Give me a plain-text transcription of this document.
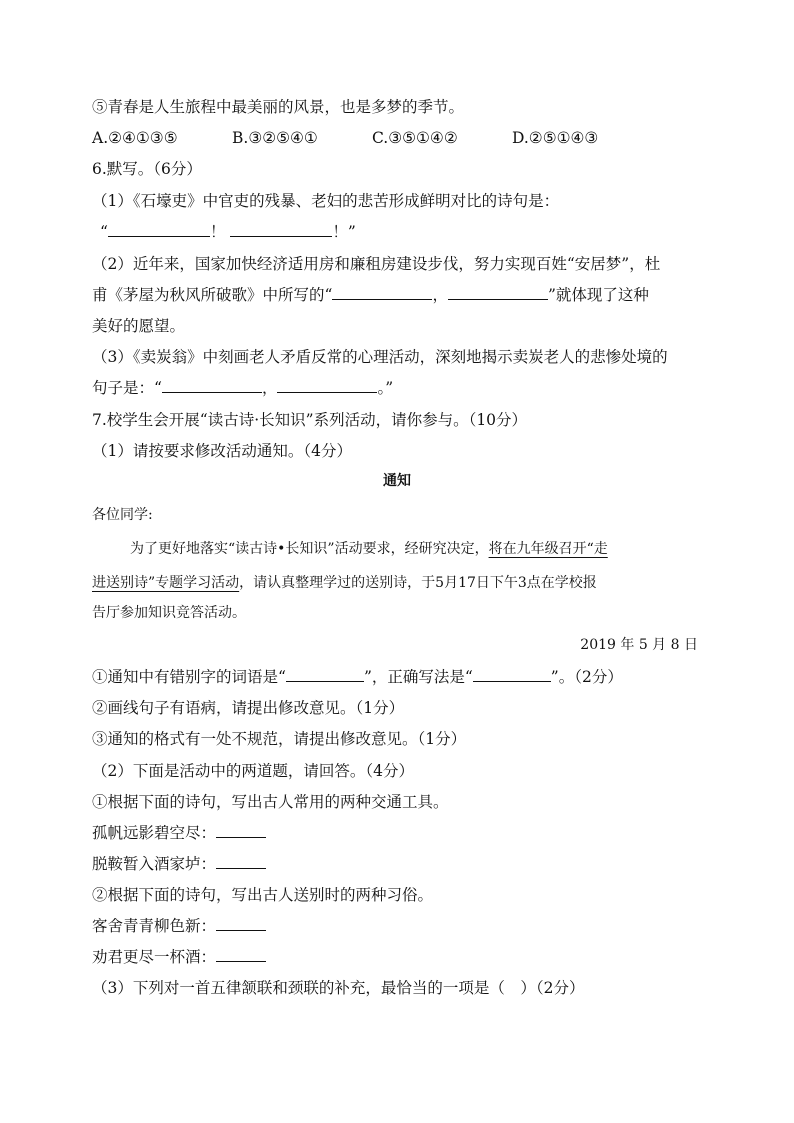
⑤青春是人生旅程中最美丽的风景，也是多梦的季节。
A.②④①③⑤	B.③②⑤④①	C.③⑤①④②	D.②⑤①④③
6.默写。（6分）
（1）《石壕吏》中官吏的残暴、老妇的悲苦形成鲜明对比的诗句是：
“	！	！”
（2）近年来，国家加快经济适用房和廉租房建设步伐，努力实现百姓“安居梦”，杜
甫《茅屋为秋风所破歌》中所写的“	，	”就体现了这种
美好的愿望。
（3）《卖炭翁》中刻画老人矛盾反常的心理活动，深刻地揭示卖炭老人的悲惨处境的
句子是：“	，	。”
7.校学生会开展“读古诗·长知识”系列活动，请你参与。（10分）
（1）请按要求修改活动通知。（4分）
通知
各位同学:
为了更好地落实“读古诗•长知识”活动要求，经研究决定，将在九年级召开“走
进送别诗”专题学习活动，请认真整理学过的送别诗，于5月17日下午3点在学校报
告厅参加知识竞答活动。
2019 年 5 月 8 日
①通知中有错别字的词语是“	”，正确写法是“	”。（2分）
②画线句子有语病，请提出修改意见。（1分）
③通知的格式有一处不规范，请提出修改意见。（1分）
（2）下面是活动中的两道题，请回答。（4分）
①根据下面的诗句，写出古人常用的两种交通工具。
孤帆远影碧空尽：
脱鞍暂入酒家垆：
②根据下面的诗句，写出古人送别时的两种习俗。
客舍青青柳色新：
劝君更尽一杯酒：
（3）下列对一首五律颔联和颈联的补充，最恰当的一项是（　）（2分）
